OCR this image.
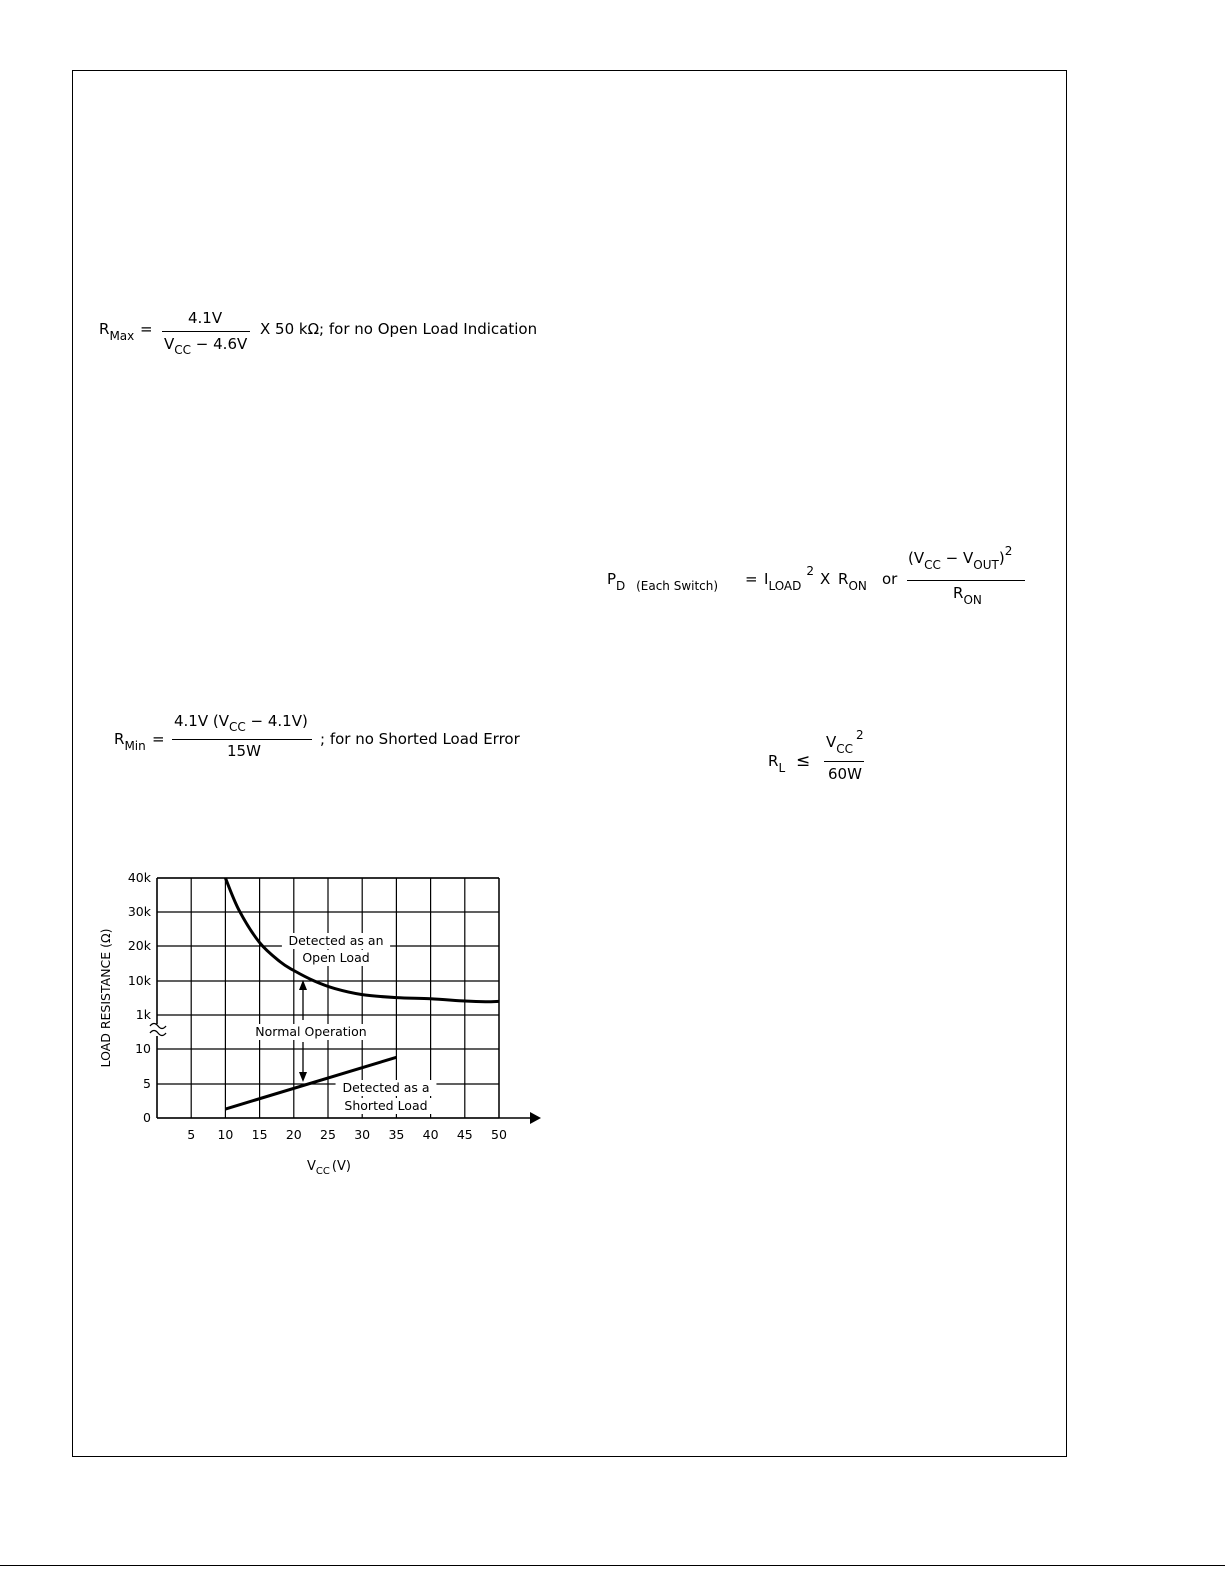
$R_{Max}$ =
4.1V
$V_{CC} - 4.6V$
X 50 kΩ; for no Open Load Indication
$R_{Min}$ =
4.1V $(V_{CC} - 4.1V)$
15W
; for no Shorted Load Error
$P_D$ $_{(Each Switch)} = I_{LOAD}^2$ X $R_{ON}$ or
$(V_{CC} - V_{OUT})^2$
$R_{ON}$
$R_L$ ≤
$V_{CC}^2$
60W
5 10 15 20 25 30 35 40 45 50
40k
30k
20k
10k
1k
10
5
0
LOAD RESISTANCE (Ω)
$V_{CC}$ (V)
Detected as an
Open Load
Normal Operation
Detected as a
Shorted Load
